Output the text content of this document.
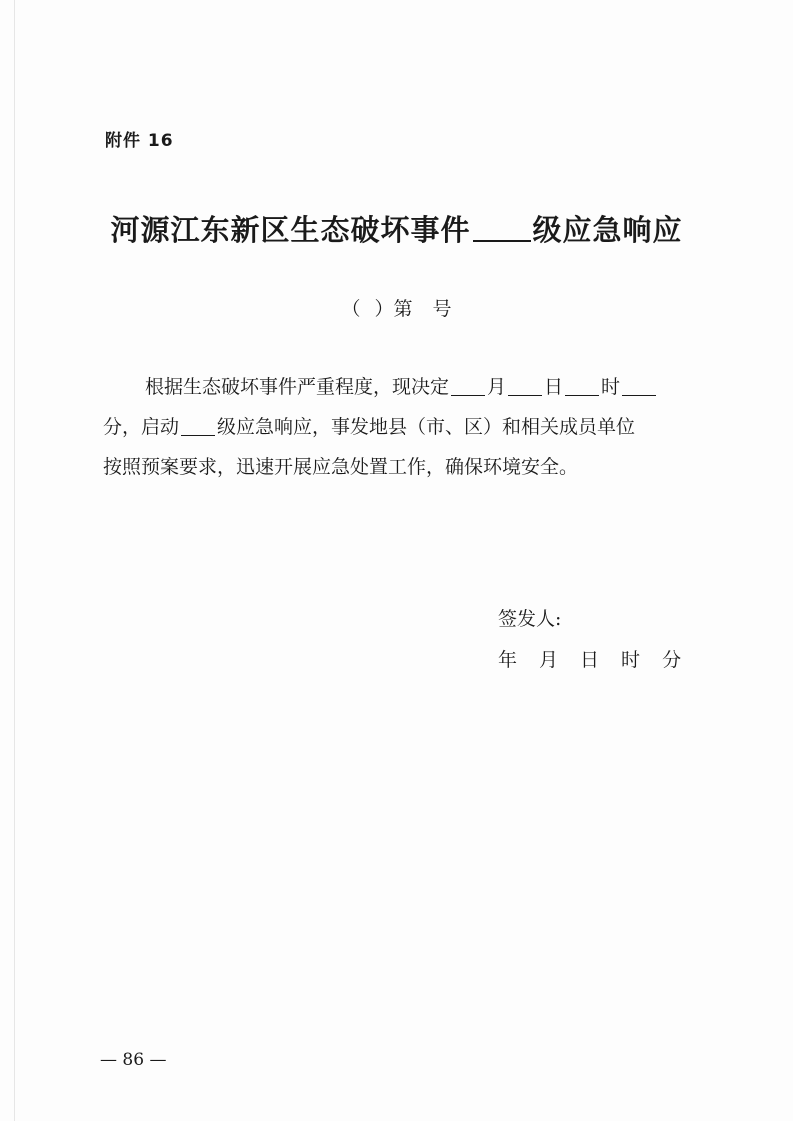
附件 16
河源江东新区生态破坏事件 级应急响应
（ ）第 号
根据生态破坏事件严重程度，现决定 月 日 时
分，启动 级应急响应，事发地县（市、区）和相关成员单位
按照预案要求，迅速开展应急处置工作，确保环境安全。
签发人:
年 月 日 时 分
— 86 —
